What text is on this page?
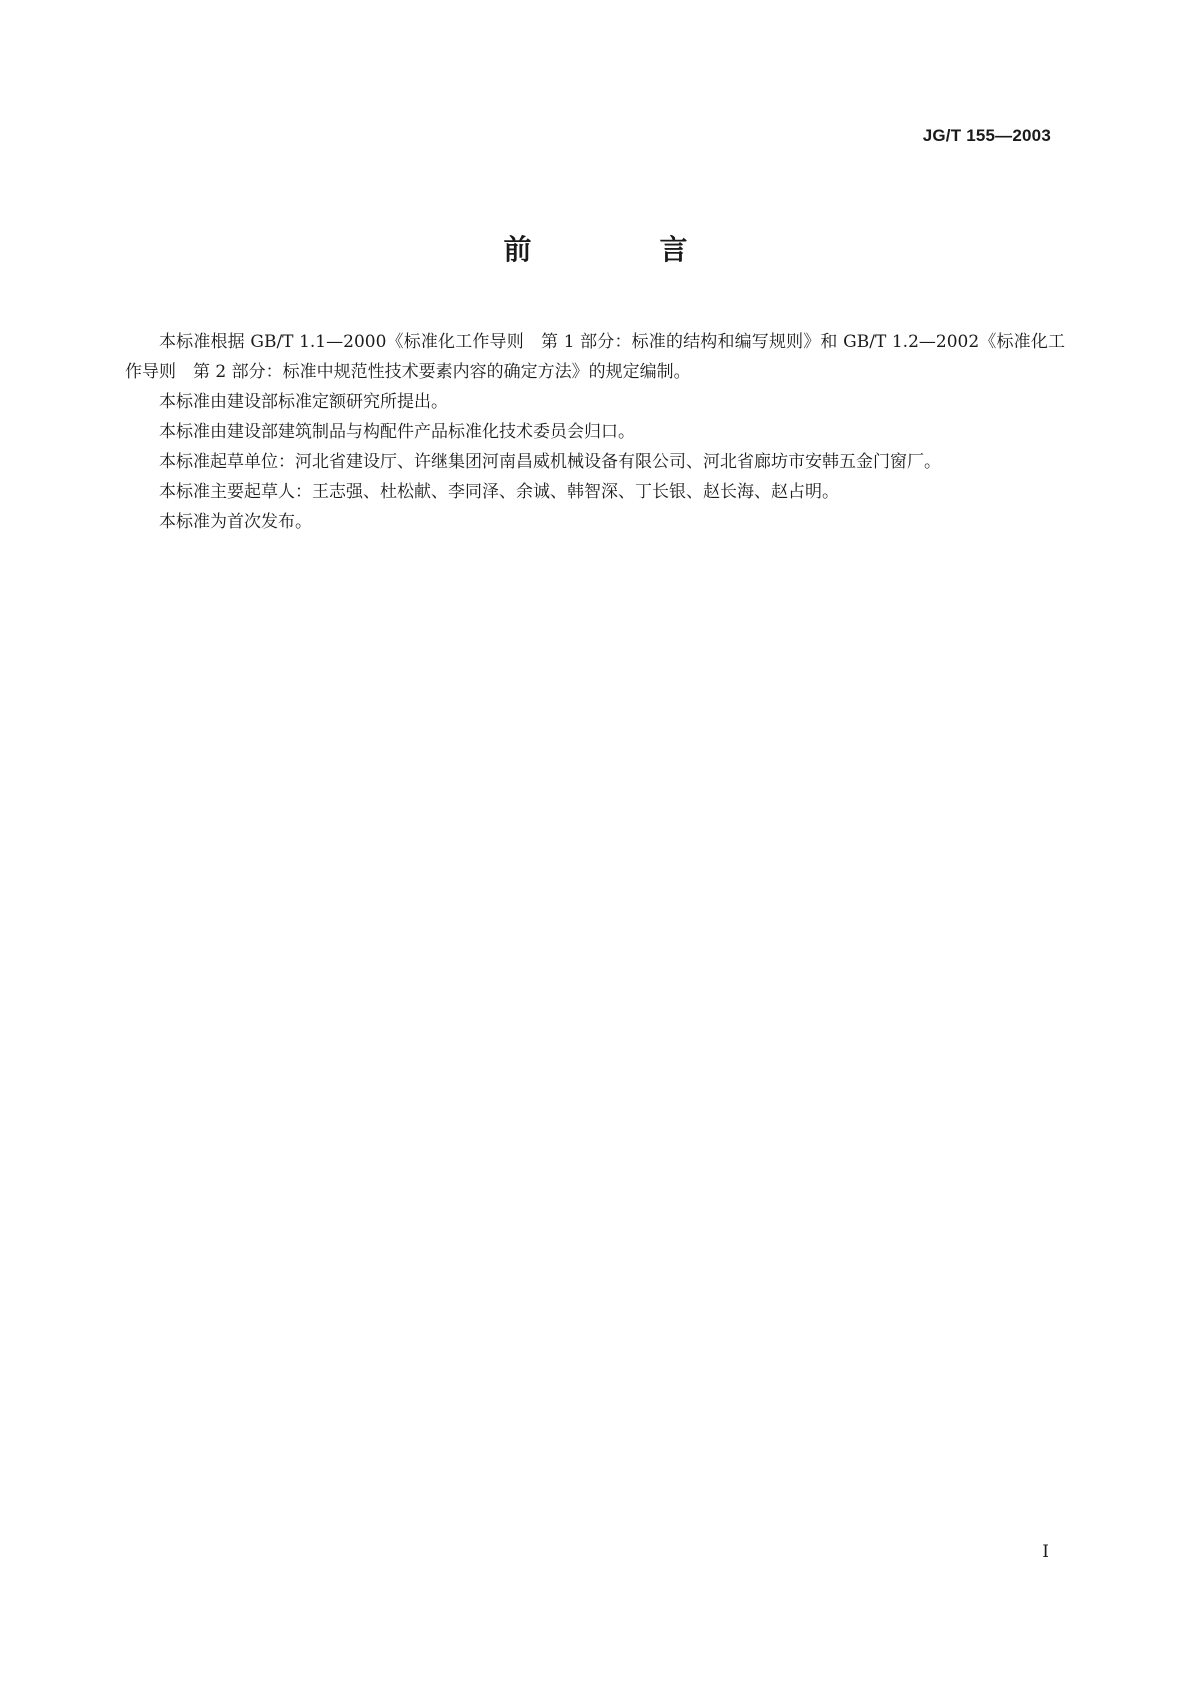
JG/T 155—2003
前　言

本标准根据 GB/T 1.1—2000《标准化工作导则　第 1 部分：标准的结构和编写规则》和 GB/T 1.2—2002《标准化工作导则　第 2 部分：标准中规范性技术要素内容的确定方法》的规定编制。

本标准由建设部标准定额研究所提出。

本标准由建设部建筑制品与构配件产品标准化技术委员会归口。

本标准起草单位：河北省建设厅、许继集团河南昌威机械设备有限公司、河北省廊坊市安韩五金门窗厂。

本标准主要起草人：王志强、杜松献、李同泽、余诚、韩智深、丁长银、赵长海、赵占明。

本标准为首次发布。

I
